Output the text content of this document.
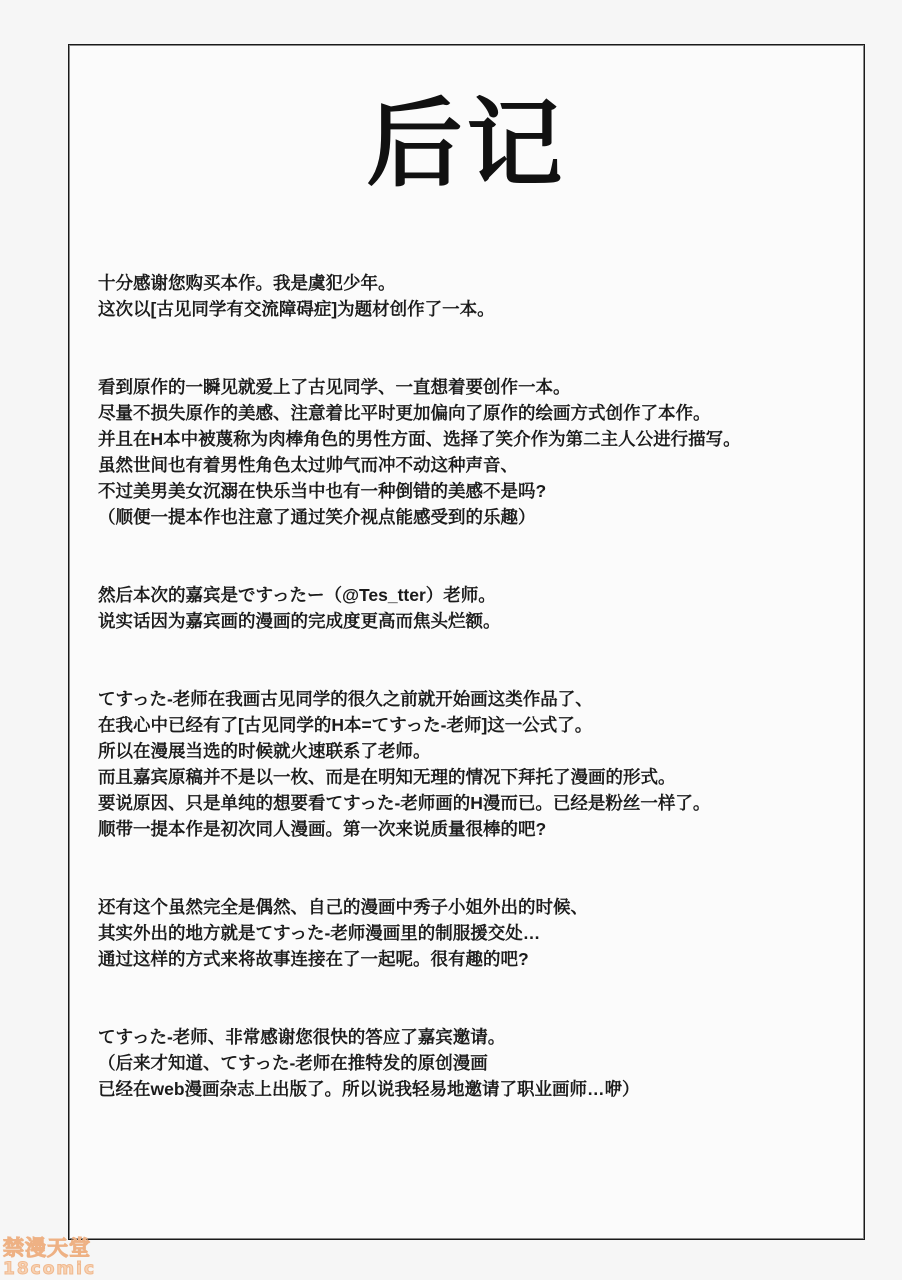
后记
十分感谢您购买本作。我是虞犯少年。
这次以[古见同学有交流障碍症]为题材创作了一本。
看到原作的一瞬见就爱上了古见同学、一直想着要创作一本。
尽量不损失原作的美感、注意着比平时更加偏向了原作的绘画方式创作了本作。
并且在H本中被蔑称为肉棒角色的男性方面、选择了笑介作为第二主人公进行描写。
虽然世间也有着男性角色太过帅气而冲不动这种声音、
不过美男美女沉溺在快乐当中也有一种倒错的美感不是吗?
（顺便一提本作也注意了通过笑介视点能感受到的乐趣）
然后本次的嘉宾是ですったー（@Tes_tter）老师。
说实话因为嘉宾画的漫画的完成度更高而焦头烂额。
てすった-老师在我画古见同学的很久之前就开始画这类作品了、
在我心中已经有了[古见同学的H本=てすった-老师]这一公式了。
所以在漫展当选的时候就火速联系了老师。
而且嘉宾原稿并不是以一枚、而是在明知无理的情况下拜托了漫画的形式。
要说原因、只是单纯的想要看てすった-老师画的H漫而已。已经是粉丝一样了。
顺带一提本作是初次同人漫画。第一次来说质量很棒的吧?
还有这个虽然完全是偶然、自己的漫画中秀子小姐外出的时候、
其实外出的地方就是てすった-老师漫画里的制服援交处…
通过这样的方式来将故事连接在了一起呢。很有趣的吧?
てすった-老师、非常感谢您很快的答应了嘉宾邀请。
（后来才知道、てすった-老师在推特发的原创漫画
已经在web漫画杂志上出版了。所以说我轻易地邀请了职业画师…咿）
禁漫天堂
18comic
